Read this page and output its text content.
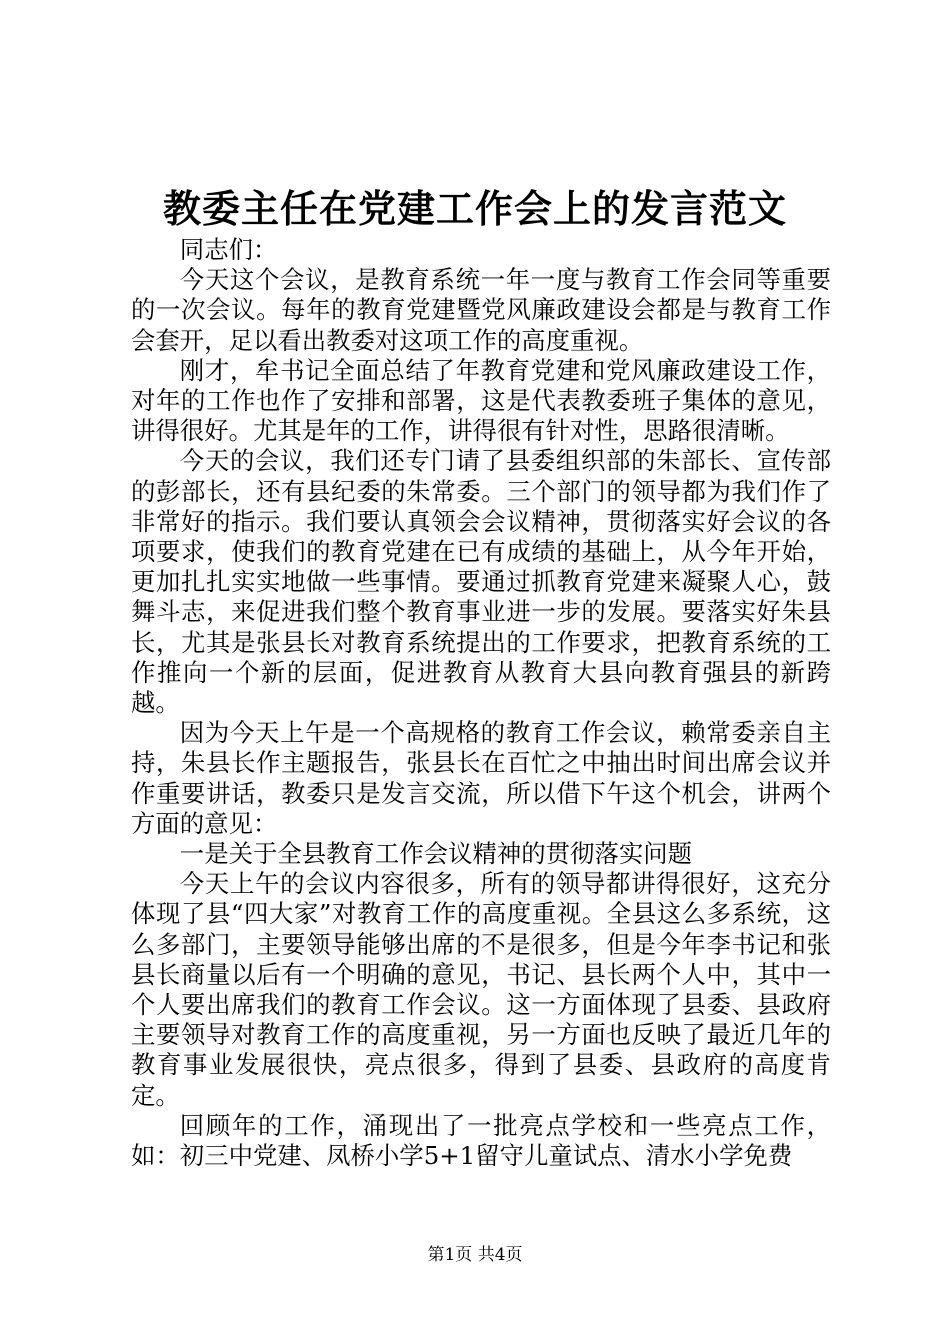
教委主任在党建工作会上的发言范文

同志们：

今天这个会议，是教育系统一年一度与教育工作会同等重要的一次会议。每年的教育党建暨党风廉政建设会都是与教育工作会套开，足以看出教委对这项工作的高度重视。

刚才，牟书记全面总结了年教育党建和党风廉政建设工作，对年的工作也作了安排和部署，这是代表教委班子集体的意见，讲得很好。尤其是年的工作，讲得很有针对性，思路很清晰。

今天的会议，我们还专门请了县委组织部的朱部长、宣传部的彭部长，还有县纪委的朱常委。三个部门的领导都为我们作了非常好的指示。我们要认真领会会议精神，贯彻落实好会议的各项要求，使我们的教育党建在已有成绩的基础上，从今年开始，更加扎扎实实地做一些事情。要通过抓教育党建来凝聚人心，鼓舞斗志，来促进我们整个教育事业进一步的发展。要落实好朱县长，尤其是张县长对教育系统提出的工作要求，把教育系统的工作推向一个新的层面，促进教育从教育大县向教育强县的新跨越。

因为今天上午是一个高规格的教育工作会议，赖常委亲自主持，朱县长作主题报告，张县长在百忙之中抽出时间出席会议并作重要讲话，教委只是发言交流，所以借下午这个机会，讲两个方面的意见：

一是关于全县教育工作会议精神的贯彻落实问题

今天上午的会议内容很多，所有的领导都讲得很好，这充分体现了县“四大家”对教育工作的高度重视。全县这么多系统，这么多部门，主要领导能够出席的不是很多，但是今年李书记和张县长商量以后有一个明确的意见，书记、县长两个人中，其中一个人要出席我们的教育工作会议。这一方面体现了县委、县政府主要领导对教育工作的高度重视，另一方面也反映了最近几年的教育事业发展很快，亮点很多，得到了县委、县政府的高度肯定。

回顾年的工作，涌现出了一批亮点学校和一些亮点工作，如：初三中党建、凤桥小学5+1留守儿童试点、清水小学免费

第1页 共4页
